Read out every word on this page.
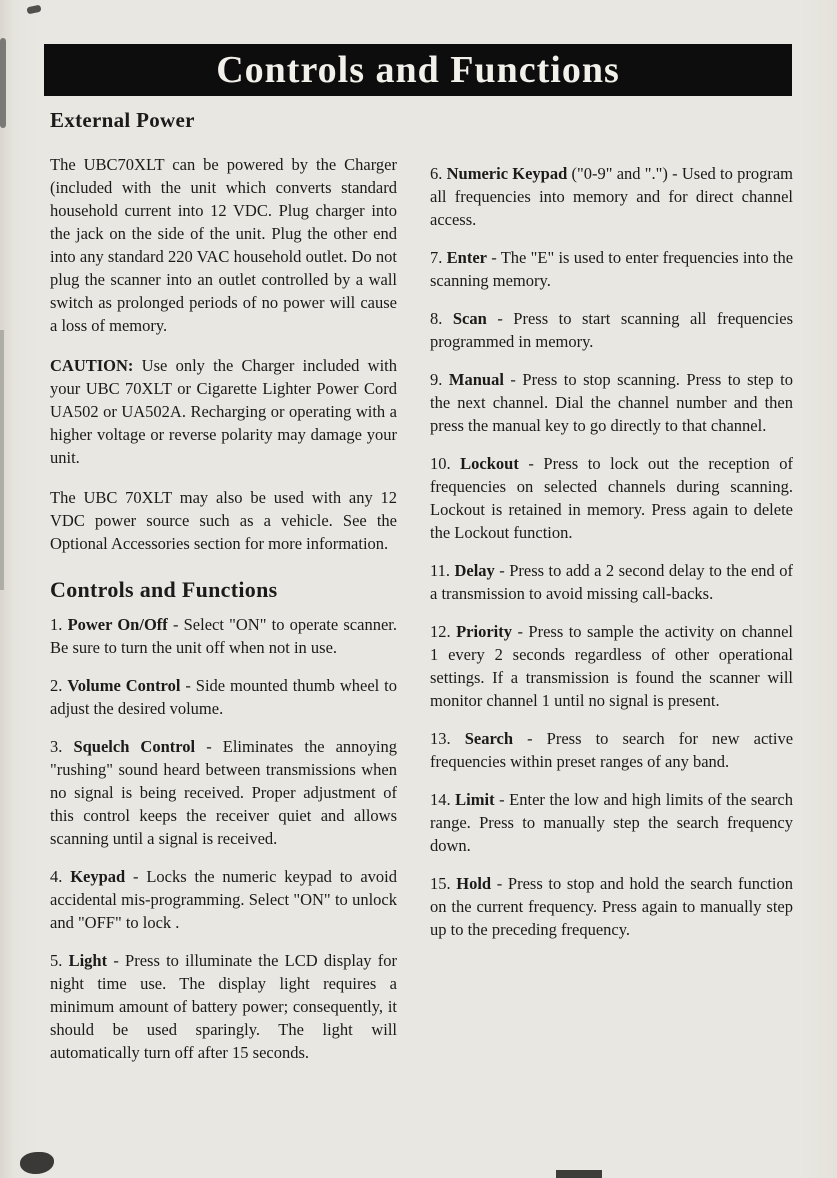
Controls and Functions
External Power

The UBC70XLT can be powered by the Charger (included with the unit which converts standard household current into 12 VDC. Plug charger into the jack on the side of the unit. Plug the other end into any standard 220 VAC household outlet. Do not plug the scanner into an outlet controlled by a wall switch as prolonged periods of no power will cause a loss of memory.

CAUTION: Use only the Charger included with your UBC 70XLT or Cigarette Lighter Power Cord UA502 or UA502A. Recharging or operating with a higher voltage or reverse polarity may damage your unit.

The UBC 70XLT may also be used with any 12 VDC power source such as a vehicle. See the Optional Accessories section for more information.

Controls and Functions

1. Power On/Off - Select "ON" to operate scanner. Be sure to turn the unit off when not in use.

2. Volume Control - Side mounted thumb wheel to adjust the desired volume.

3. Squelch Control - Eliminates the annoying "rushing" sound heard between transmissions when no signal is being received. Proper adjustment of this control keeps the receiver quiet and allows scanning until a signal is received.

4. Keypad - Locks the numeric keypad to avoid accidental mis-programming. Select "ON" to unlock and "OFF" to lock .

5. Light - Press to illuminate the LCD display for night time use. The display light requires a minimum amount of battery power; consequently, it should be used sparingly. The light will automatically turn off after 15 seconds.

6. Numeric Keypad ("0-9" and ".") - Used to program all frequencies into memory and for direct channel access.

7. Enter - The "E" is used to enter frequencies into the scanning memory.

8. Scan - Press to start scanning all frequencies programmed in memory.

9. Manual - Press to stop scanning. Press to step to the next channel. Dial the channel number and then press the manual key to go directly to that channel.

10. Lockout - Press to lock out the reception of frequencies on selected channels during scanning. Lockout is retained in memory. Press again to delete the Lockout function.

11. Delay - Press to add a 2 second delay to the end of a transmission to avoid missing call-backs.

12. Priority - Press to sample the activity on channel 1 every 2 seconds regardless of other operational settings. If a transmission is found the scanner will monitor channel 1 until no signal is present.

13. Search - Press to search for new active frequencies within preset ranges of any band.

14. Limit - Enter the low and high limits of the search range. Press to manually step the search frequency down.

15. Hold - Press to stop and hold the search function on the current frequency. Press again to manually step up to the preceding frequency.
